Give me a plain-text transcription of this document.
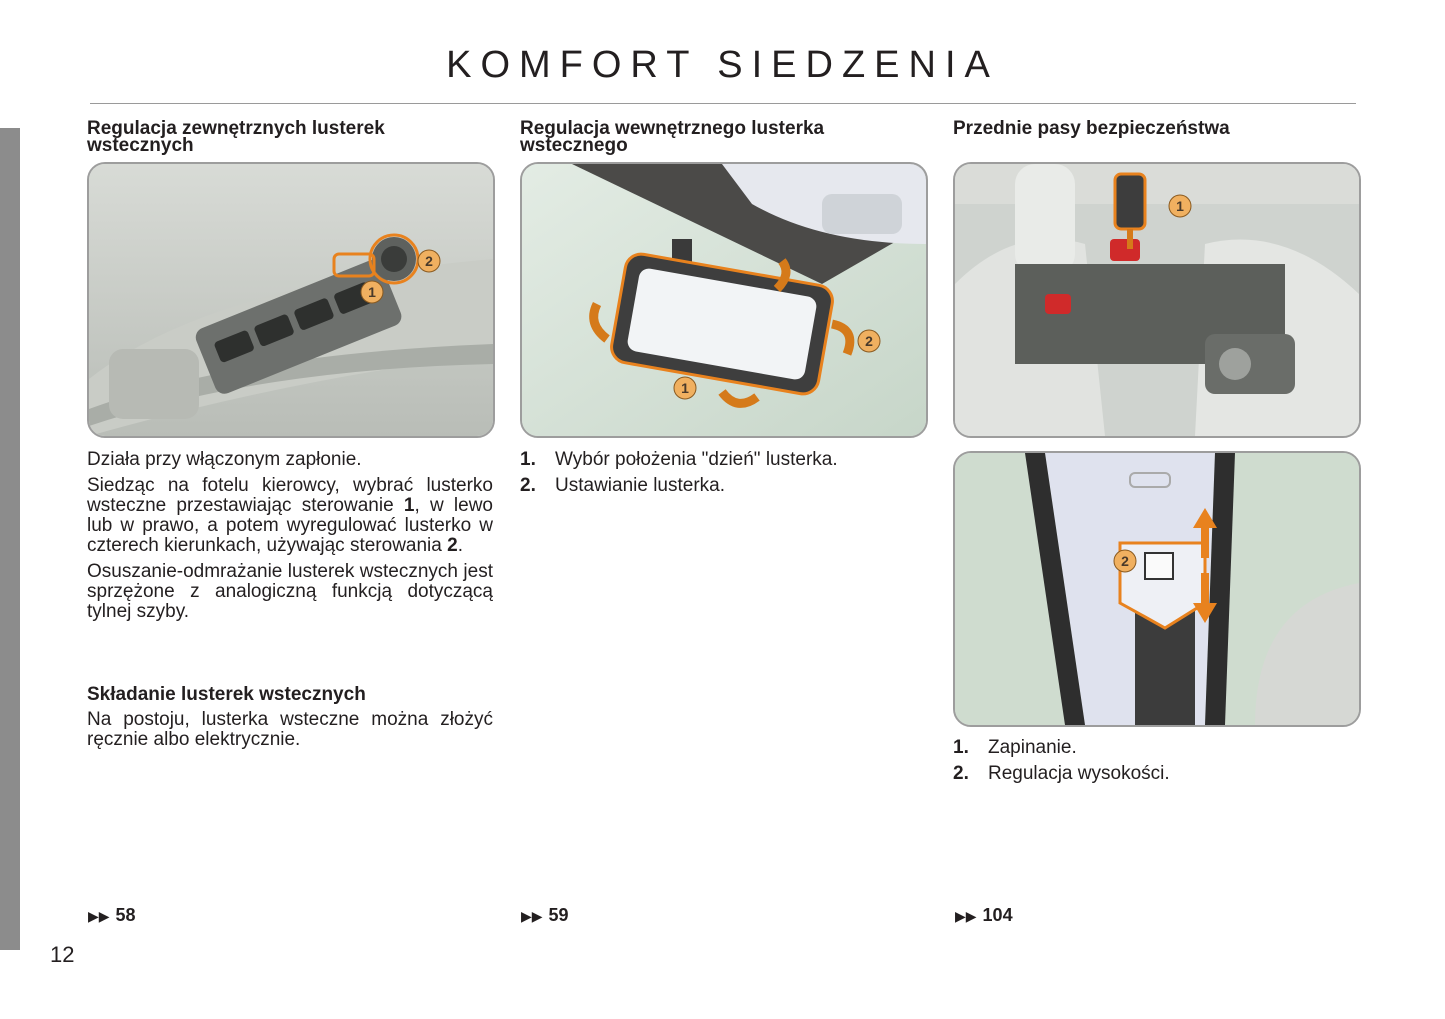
KOMFORT SIEDZENIA
Regulacja zewnętrznych lusterek wstecznych
1
2

Działa przy włączonym zapłonie.

Siedząc na fotelu kierowcy, wybrać lusterko wsteczne przestawiając sterowanie 1, w lewo lub w prawo, a potem wyregulować lusterko w czterech kierunkach, używając sterowania 2.

Osuszanie-odmrażanie lusterek wstecznych jest sprzężone z analogiczną funkcją dotyczącą tylnej szyby.

Składanie lusterek wstecznych
Na postoju, lusterka wsteczne można złożyć ręcznie albo elektrycznie.
▶▶ 58
Regulacja wewnętrznego lusterka wstecznego
1
2
1. Wybór położenia "dzień" lusterka.
2. Ustawianie lusterka.
▶▶ 59
Przednie pasy bezpieczeństwa
1
2
1. Zapinanie.
2. Regulacja wysokości.
▶▶ 104
12
